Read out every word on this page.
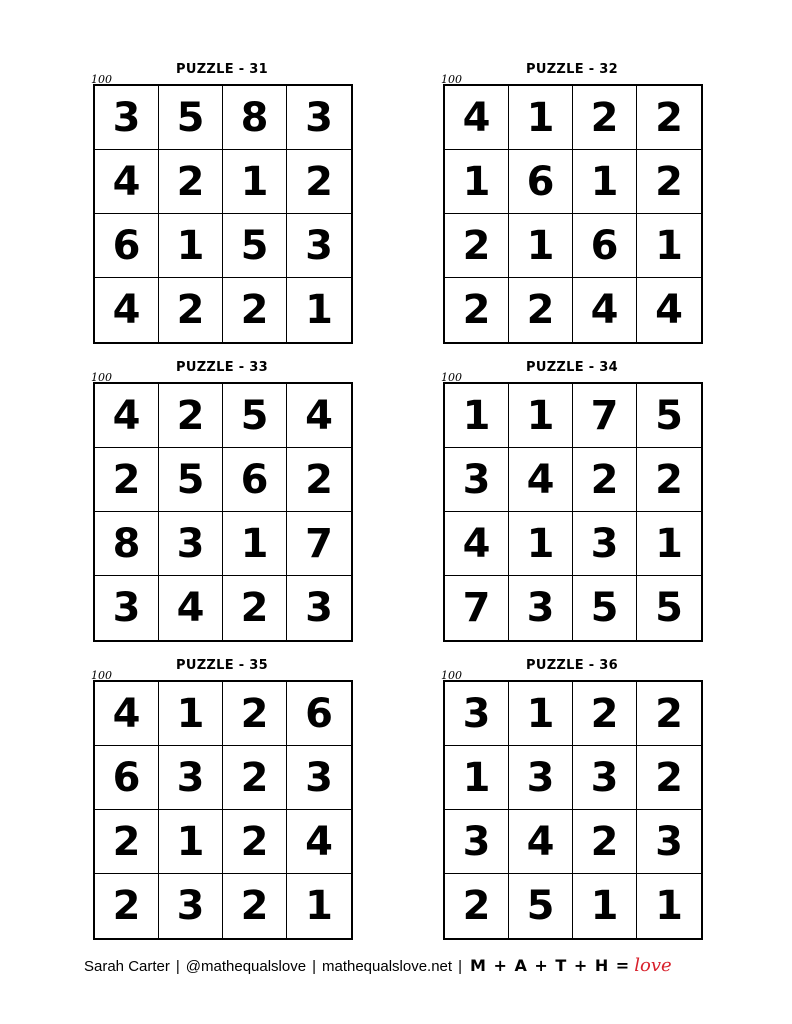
PUZZLE - 31
100
3 5 8 3
4 2 1 2
6 1 5 3
4 2 2 1
PUZZLE - 32
100
4 1 2 2
1 6 1 2
2 1 6 1
2 2 4 4
PUZZLE - 33
100
4 2 5 4
2 5 6 2
8 3 1 7
3 4 2 3
PUZZLE - 34
100
1 1 7 5
3 4 2 2
4 1 3 1
7 3 5 5
PUZZLE - 35
100
4 1 2 6
6 3 2 3
2 1 2 4
2 3 2 1
PUZZLE - 36
100
3 1 2 2
1 3 3 2
3 4 2 3
2 5 1 1
Sarah Carter | @mathequalslove | mathequalslove.net | M + A + T + H = love
